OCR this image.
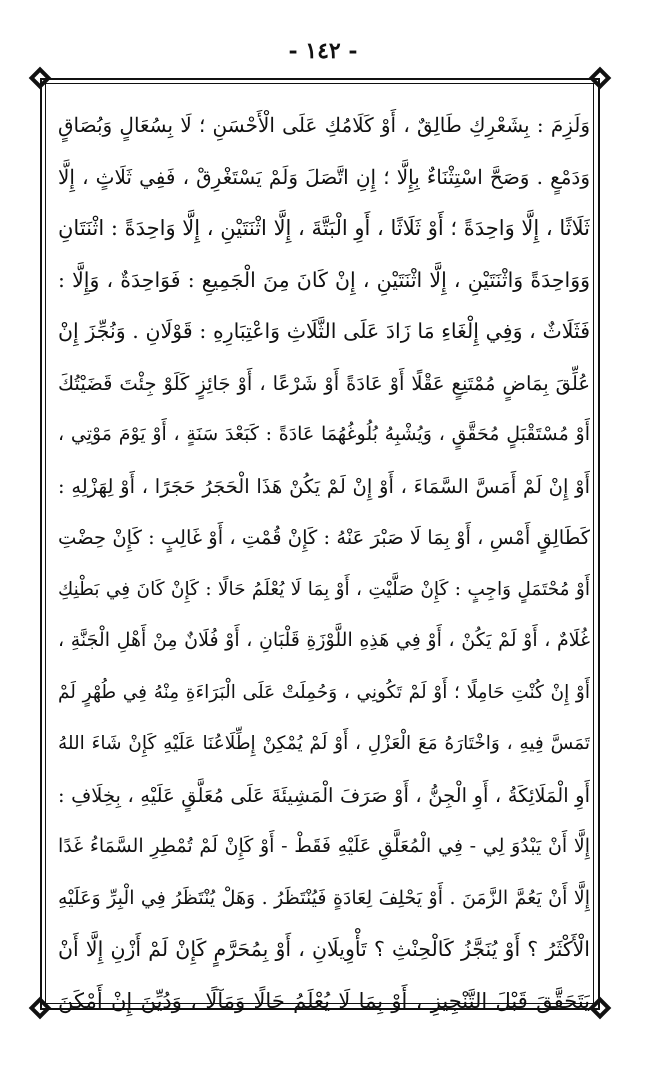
- ١٤٢ -
وَلَزِمَ : بِشَعْرِكِ طَالِقٌ ، أَوْ كَلَامُكِ عَلَى الْأَحْسَنِ ؛ لَا بِسُعَالٍ وَبُصَاقٍ
وَدَمْعٍ . وَصَحَّ اسْتِثْنَاءٌ بِإِلَّا ؛ إِنِ اتَّصَلَ وَلَمْ يَسْتَغْرِقْ ، فَفِي ثَلَاثٍ ، إِلَّا
ثَلَاثًا ، إِلَّا وَاحِدَةً ؛ أَوْ ثَلَاثًا ، أَوِ الْبَتَّةَ ، إِلَّا اثْنَتَيْنِ ، إِلَّا وَاحِدَةً : اثْنَتَانِ
وَوَاحِدَةً وَاثْنَتَيْنِ ، إِلَّا اثْنَتَيْنِ ، إِنْ كَانَ مِنَ الْجَمِيعِ : فَوَاحِدَةٌ ، وَإِلَّا :
فَثَلَاثٌ ، وَفِي إِلْغَاءِ مَا زَادَ عَلَى الثَّلَاثِ وَاعْتِبَارِهِ : قَوْلَانِ . وَنُجِّزَ إِنْ
عُلِّقَ بِمَاضٍ مُمْتَنِعٍ عَقْلًا أَوْ عَادَةً أَوْ شَرْعًا ، أَوْ جَائِزٍ كَلَوْ جِئْتَ قَضَيْتُكَ
أَوْ مُسْتَقْبَلٍ مُحَقَّقٍ ، وَيُشْبِهُ بُلُوغُهُمَا عَادَةً : كَبَعْدَ سَنَةٍ ، أَوْ يَوْمَ مَوْتِي ،
أَوْ إِنْ لَمْ أَمَسَّ السَّمَاءَ ، أَوْ إِنْ لَمْ يَكُنْ هَذَا الْحَجَرُ حَجَرًا ، أَوْ لِهَزْلِهِ :
كَطَالِقٍ أَمْسِ ، أَوْ بِمَا لَا صَبْرَ عَنْهُ : كَإِنْ قُمْتِ ، أَوْ غَالِبٍ : كَإِنْ حِضْتِ
أَوْ مُحْتَمَلٍ وَاجِبٍ : كَإِنْ صَلَّيْتِ ، أَوْ بِمَا لَا يُعْلَمُ حَالًا : كَإِنْ كَانَ فِي بَطْنِكِ
غُلَامٌ ، أَوْ لَمْ يَكُنْ ، أَوْ فِي هَذِهِ اللَّوْزَةِ قَلْبَانِ ، أَوْ فُلَانٌ مِنْ أَهْلِ الْجَنَّةِ ،
أَوْ إِنْ كُنْتِ حَامِلًا ؛ أَوْ لَمْ تَكُونِي ، وَحُمِلَتْ عَلَى الْبَرَاءَةِ مِنْهُ فِي طُهْرٍ لَمْ
تَمَسَّ فِيهِ ، وَاخْتَارَهُ مَعَ الْعَزْلِ ، أَوْ لَمْ يُمْكِنْ إِطِّلَاعُنَا عَلَيْهِ كَإِنْ شَاءَ اللهُ
أَوِ الْمَلَائِكَةُ ، أَوِ الْجِنُّ ، أَوْ صَرَفَ الْمَشِيئَةَ عَلَى مُعَلَّقٍ عَلَيْهِ ، بِخِلَافِ :
إِلَّا أَنْ يَبْدُوَ لِي - فِي الْمُعَلَّقِ عَلَيْهِ فَقَطْ - أَوْ كَإِنْ لَمْ تُمْطِرِ السَّمَاءُ غَدًا
إِلَّا أَنْ يَعُمَّ الزَّمَنَ . أَوْ يَحْلِفَ لِعَادَةٍ فَيُنْتَظَرُ . وَهَلْ يُنْتَظَرُ فِي الْبِرِّ وَعَلَيْهِ
الْأَكْثَرُ ؟ أَوْ يُنَجَّزُ كَالْحِنْثِ ؟ تَأْوِيلَانِ ، أَوْ بِمُحَرَّمٍ كَإِنْ لَمْ أَزْنِ إِلَّا أَنْ
يَتَحَقَّقَ قَبْلَ التَّنْجِيزِ ، أَوْ بِمَا لَا يُعْلَمُ حَالًا وَمَآلًا ، وَدُيِّنَ إِنْ أَمْكَنَ
